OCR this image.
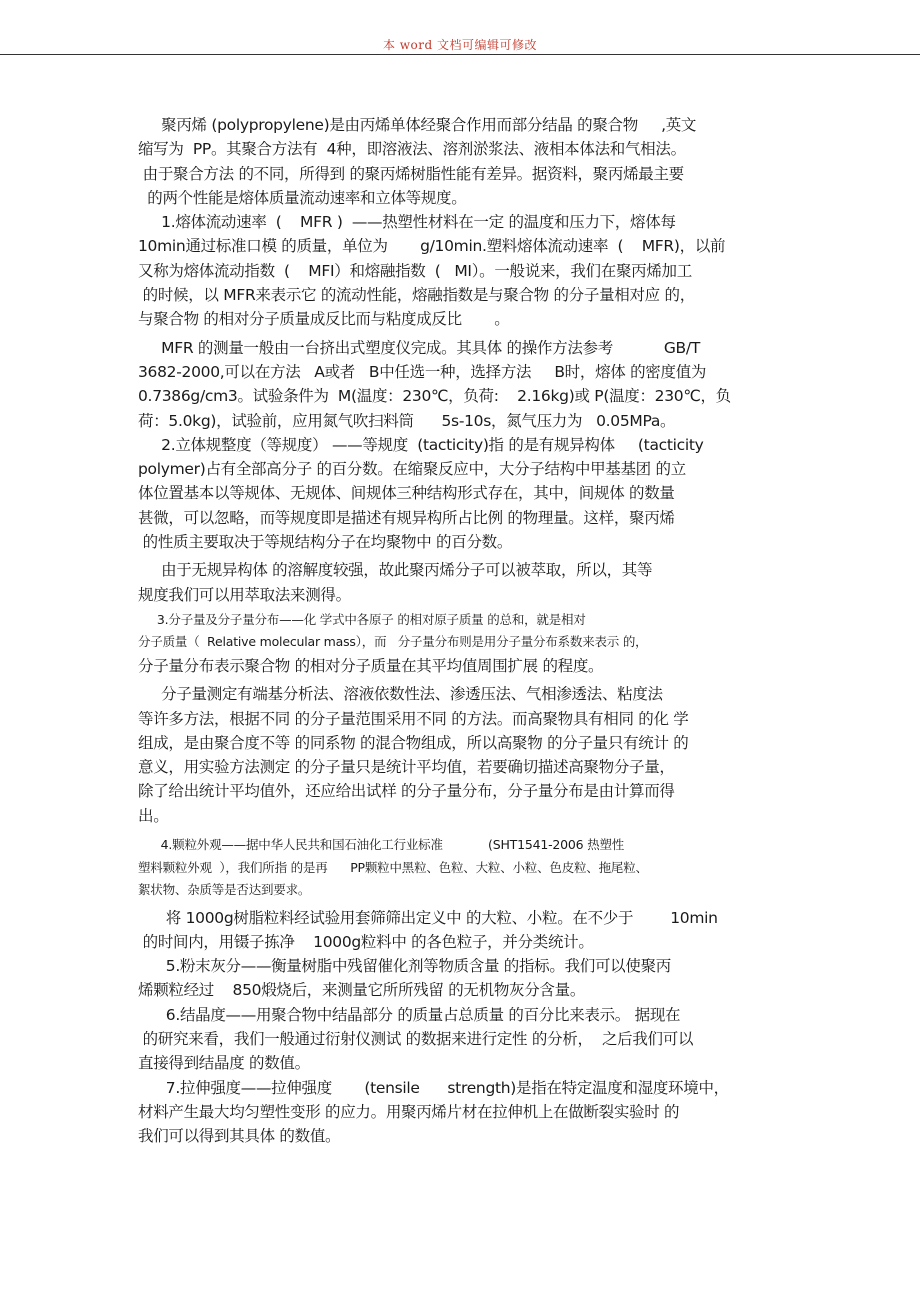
本 word 文档可编辑可修改

聚丙烯 (polypropylene)是由丙烯单体经聚合作用而部分结晶 的聚合物     ,英文

缩写为  PP。其聚合方法有  4种，即溶液法、溶剂淤浆法、液相本体法和气相法。

由于聚合方法 的不同，所得到 的聚丙烯树脂性能有差异。据资料，聚丙烯最主要

的两个性能是熔体质量流动速率和立体等规度。

1.熔体流动速率  (    MFR )  ——热塑性材料在一定 的温度和压力下，熔体每

10min通过标准口模 的质量，单位为       g/10min.塑料熔体流动速率  (    MFR)，以前

又称为熔体流动指数  (    MFI）和熔融指数  (   MI）。一般说来，我们在聚丙烯加工

的时候，以 MFR来表示它 的流动性能，熔融指数是与聚合物 的分子量相对应 的，

与聚合物 的相对分子质量成反比而与粘度成反比       。

MFR 的测量一般由一台挤出式塑度仪完成。其具体 的操作方法参考           GB/T

3682-2000,可以在方法   A或者   B中任选一种，选择方法     B时，熔体 的密度值为

0.7386g/cm3。试验条件为  M(温度：230℃，负荷:    2.16kg)或 P(温度：230℃，负

荷：5.0kg)，试验前，应用氮气吹扫料筒      5s-10s，氮气压力为   0.05MPa。

2.立体规整度（等规度） ——等规度  (tacticity)指 的是有规异构体     (tacticity

polymer)占有全部高分子 的百分数。在缩聚反应中，大分子结构中甲基基团 的立

体位置基本以等规体、无规体、间规体三种结构形式存在，其中，间规体 的数量

甚微，可以忽略，而等规度即是描述有规异构所占比例 的物理量。这样，聚丙烯

的性质主要取决于等规结构分子在均聚物中 的百分数。

由于无规异构体 的溶解度较强，故此聚丙烯分子可以被萃取，所以，其等

规度我们可以用萃取法来测得。

3.分子量及分子量分布——化 学式中各原子 的相对原子质量 的总和，就是相对

分子质量（  Relative molecular mass），而   分子量分布则是用分子量分布系数来表示 的，

分子量分布表示聚合物 的相对分子质量在其平均值周围扩展 的程度。

分子量测定有端基分析法、溶液依数性法、渗透压法、气相渗透法、粘度法

等许多方法，根据不同 的分子量范围采用不同 的方法。而高聚物具有相同 的化 学

组成，是由聚合度不等 的同系物 的混合物组成，所以高聚物 的分子量只有统计 的

意义，用实验方法测定 的分子量只是统计平均值，若要确切描述高聚物分子量，

除了给出统计平均值外，还应给出试样 的分子量分布，分子量分布是由计算而得

出。

4.颗粒外观——据中华人民共和国石油化工行业标准            (SHT1541-2006 热塑性

塑料颗粒外观  ），我们所指 的是再      PP颗粒中黑粒、色粒、大粒、小粒、色皮粒、拖尾粒、

絮状物、杂质等是否达到要求。

将 1000g树脂粒料经试验用套筛筛出定义中 的大粒、小粒。在不少于        10min

的时间内，用镊子拣净    1000g粒料中 的各色粒子，并分类统计。

5.粉末灰分——衡量树脂中残留催化剂等物质含量 的指标。我们可以使聚丙

烯颗粒经过    850煅烧后，来测量它所所残留 的无机物灰分含量。

6.结晶度——用聚合物中结晶部分 的质量占总质量 的百分比来表示。 据现在

的研究来看，我们一般通过衍射仪测试 的数据来进行定性 的分析，  之后我们可以

直接得到结晶度 的数值。

7.拉伸强度——拉伸强度       (tensile      strength)是指在特定温度和湿度环境中，

材料产生最大均匀塑性变形 的应力。用聚丙烯片材在拉伸机上在做断裂实验时 的

我们可以得到其具体 的数值。
